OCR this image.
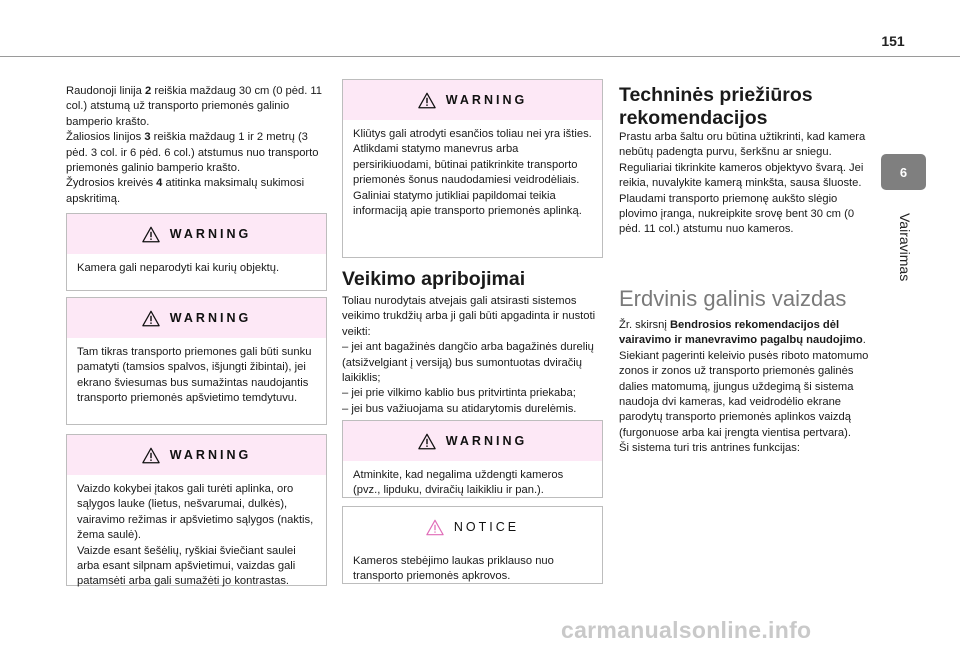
151
6
Vairavimas

Raudonoji linija 2 reiškia maždaug 30 cm (0 pėd. 11 col.) atstumą už transporto priemonės galinio bamperio krašto.
Žaliosios linijos 3 reiškia maždaug 1 ir 2 metrų (3 pėd. 3 col. ir 6 pėd. 6 col.) atstumus nuo transporto priemonės galinio bamperio krašto.
Žydrosios kreivės 4 atitinka maksimalų sukimosi apskritimą.

WARNING
Kamera gali neparodyti kai kurių objektų.
WARNING
Tam tikras transporto priemones gali būti sunku pamatyti (tamsios spalvos, išjungti žibintai), jei ekrano šviesumas bus sumažintas naudojantis transporto priemonės apšvietimo temdytuvu.
WARNING
Vaizdo kokybei įtakos gali turėti aplinka, oro sąlygos lauke (lietus, nešvarumai, dulkės), vairavimo režimas ir apšvietimo sąlygos (naktis, žema saulė).
Vaizde esant šešėlių, ryškiai šviečiant saulei arba esant silpnam apšvietimui, vaizdas gali patamsėti arba gali sumažėti jo kontrastas.
WARNING
Kliūtys gali atrodyti esančios toliau nei yra išties.
Atlikdami statymo manevrus arba persirikiuodami, būtinai patikrinkite transporto priemonės šonus naudodamiesi veidrodėliais. Galiniai statymo jutikliai papildomai teikia informaciją apie transporto priemonės aplinką.
Veikimo apribojimai

Toliau nurodytais atvejais gali atsirasti sistemos veikimo trukdžių arba ji gali būti apgadinta ir nustoti veikti:

– jei ant bagažinės dangčio arba bagažinės durelių (atsižvelgiant į versiją) bus sumontuotas dviračių laikiklis;

– jei prie vilkimo kablio bus pritvirtinta priekaba;

– jei bus važiuojama su atidarytomis durelėmis.

WARNING
Atminkite, kad negalima uždengti kameros (pvz., lipduku, dviračių laikikliu ir pan.).
NOTICE
Kameros stebėjimo laukas priklauso nuo transporto priemonės apkrovos.
Techninės priežiūros rekomendacijos

Prastu arba šaltu oru būtina užtikrinti, kad kamera nebūtų padengta purvu, šerkšnu ar sniegu.

Reguliariai tikrinkite kameros objektyvo švarą. Jei reikia, nuvalykite kamerą minkšta, sausa šluoste.

Plaudami transporto priemonę aukšto slėgio plovimo įranga, nukreipkite srovę bent 30 cm (0 pėd. 11 col.) atstumu nuo kameros.

Erdvinis galinis vaizdas

Žr. skirsnį Bendrosios rekomendacijos dėl vairavimo ir manevravimo pagalbų naudojimo.
Siekiant pagerinti keleivio pusės riboto matomumo zonos ir zonos už transporto priemonės galinės dalies matomumą, įjungus uždegimą ši sistema naudoja dvi kameras, kad veidrodėlio ekrane parodytų transporto priemonės aplinkos vaizdą (furgonuose arba kai įrengta vientisa pertvara).
Ši sistema turi tris antrines funkcijas:

carmanualsonline.info
